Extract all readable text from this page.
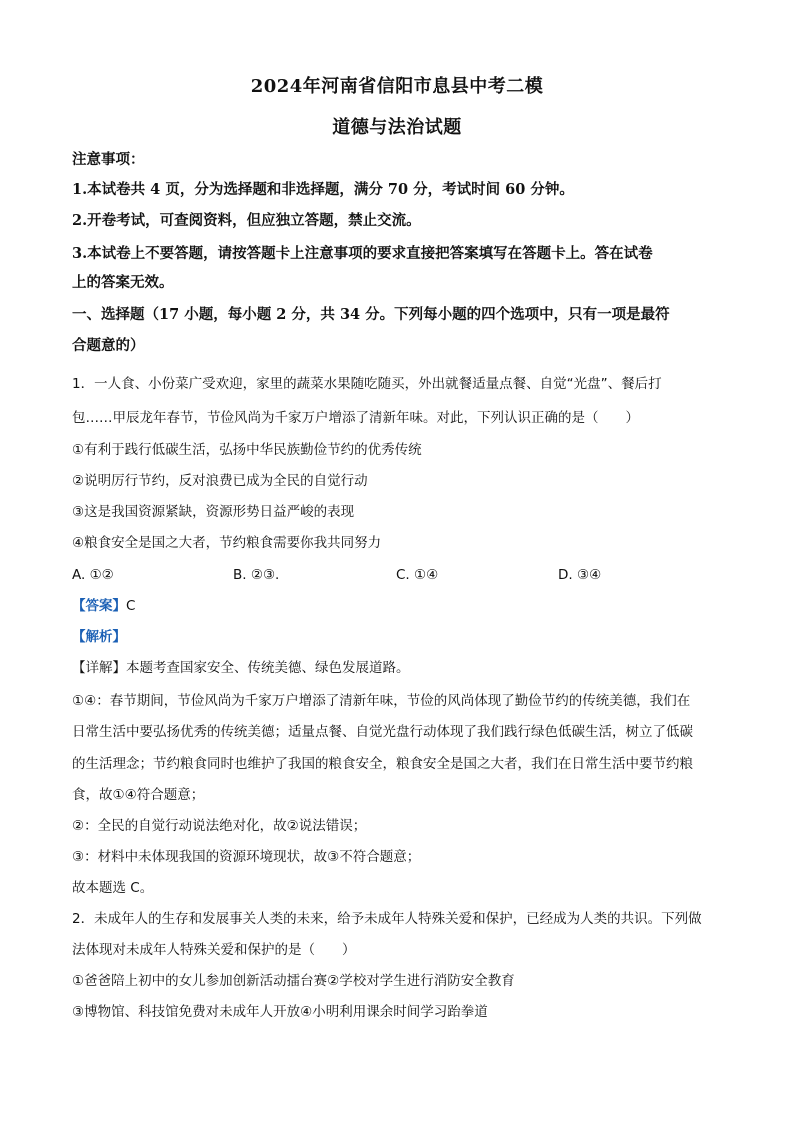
2024年河南省信阳市息县中考二模
道德与法治试题
注意事项：
1.本试卷共 4 页，分为选择题和非选择题，满分 70 分，考试时间 60 分钟。
2.开卷考试，可查阅资料，但应独立答题，禁止交流。
3.本试卷上不要答题，请按答题卡上注意事项的要求直接把答案填写在答题卡上。答在试卷
上的答案无效。
一、选择题（17 小题，每小题 2 分，共 34 分。下列每小题的四个选项中，只有一项是最符
合题意的）
1．一人食、小份菜广受欢迎，家里的蔬菜水果随吃随买，外出就餐适量点餐、自觉“光盘”、餐后打
包……甲辰龙年春节，节俭风尚为千家万户增添了清新年味。对此，下列认识正确的是（　　）
①有利于践行低碳生活，弘扬中华民族勤俭节约的优秀传统
②说明厉行节约，反对浪费已成为全民的自觉行动
③这是我国资源紧缺，资源形势日益严峻的表现
④粮食安全是国之大者，节约粮食需要你我共同努力
A. ①②	B. ②③.	C. ①④	D. ③④
【答案】C
【解析】
【详解】本题考查国家安全、传统美德、绿色发展道路。
①④：春节期间，节俭风尚为千家万户增添了清新年味，节俭的风尚体现了勤俭节约的传统美德，我们在
日常生活中要弘扬优秀的传统美德；适量点餐、自觉光盘行动体现了我们践行绿色低碳生活，树立了低碳
的生活理念；节约粮食同时也维护了我国的粮食安全，粮食安全是国之大者，我们在日常生活中要节约粮
食，故①④符合题意；
②：全民的自觉行动说法绝对化，故②说法错误；
③：材料中未体现我国的资源环境现状，故③不符合题意；
故本题选 C。
2．未成年人的生存和发展事关人类的未来，给予未成年人特殊关爱和保护，已经成为人类的共识。下列做
法体现对未成年人特殊关爱和保护的是（　　）
①爸爸陪上初中的女儿参加创新活动擂台赛②学校对学生进行消防安全教育
③博物馆、科技馆免费对未成年人开放④小明利用课余时间学习跆拳道
